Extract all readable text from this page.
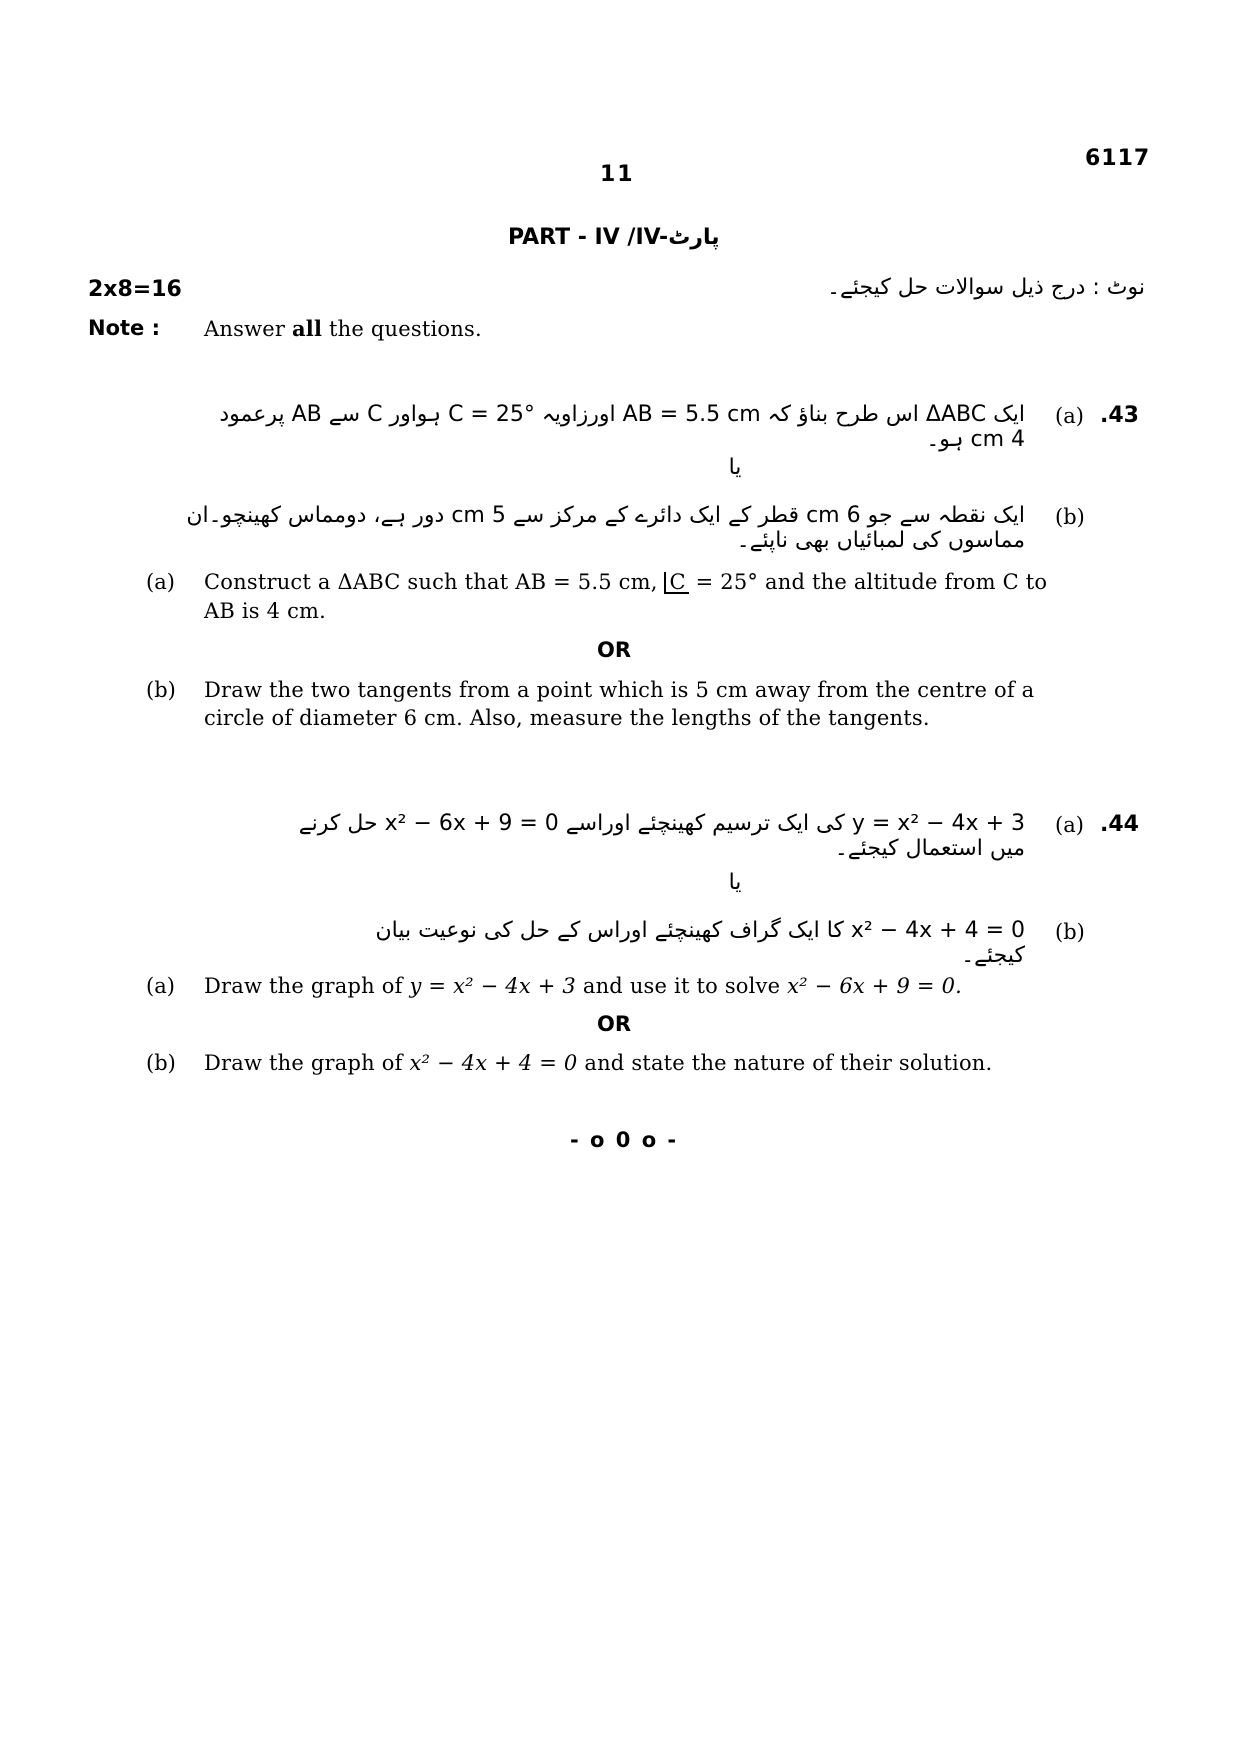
11
6117
PART - IV /IV-پارٹ
2x8=16	نوٹ : درج ذیل سوالات حل کیجئے۔
Note : Answer all the questions.
.43
(a)
ایک ΔABC اس طرح بناؤ کہ AB = 5.5 cm اورزاویہ C = 25° ہواور C سے AB پرعمود 4 cm ہو۔
یا
(b)
ایک نقطہ سے جو 6 cm قطر کے ایک دائرے کے مرکز سے 5 cm دور ہے، دومماس کھینچو۔ان مماسوں کی لمبائیاں بھی ناپئے۔
(a) Construct a ΔABC such that AB = 5.5 cm, C = 25° and the altitude from C to
AB is 4 cm.
OR
(b) Draw the two tangents from a point which is 5 cm away from the centre of a
circle of diameter 6 cm. Also, measure the lengths of the tangents.
.44
(a)
y = x² − 4x + 3 کی ایک ترسیم کھینچئے اوراسے x² − 6x + 9 = 0 حل کرنے میں استعمال کیجئے۔
یا
(b)
x² − 4x + 4 = 0 کا ایک گراف کھینچئے اوراس کے حل کی نوعیت بیان کیجئے۔
(a) Draw the graph of y = x² − 4x + 3 and use it to solve x² − 6x + 9 = 0.
OR
(b) Draw the graph of x² − 4x + 4 = 0 and state the nature of their solution.
- o 0 o -
